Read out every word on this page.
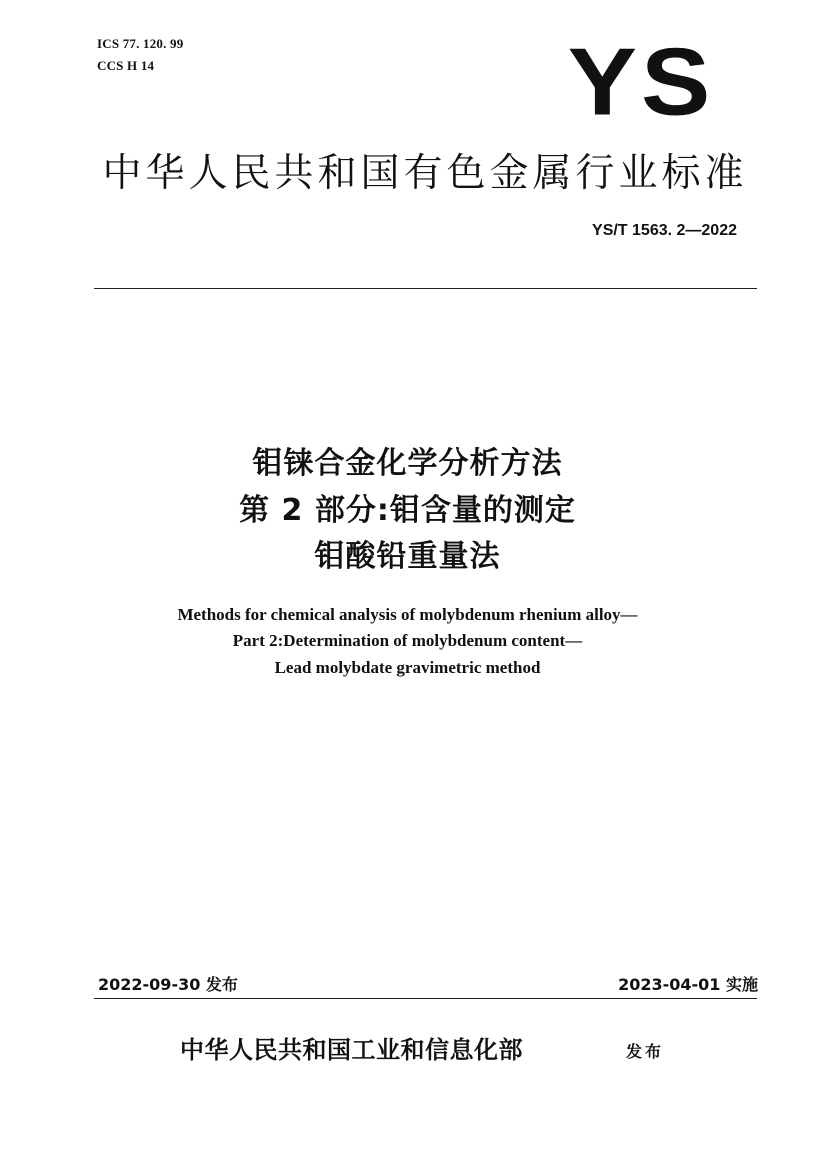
ICS 77. 120. 99
CCS H 14	YS
中华人民共和国有色金属行业标准
YS/T 1563. 2—2022
钼铼合金化学分析方法
第 2 部分:钼含量的测定
钼酸铅重量法
Methods for chemical analysis of molybdenum rhenium alloy—
Part 2:Determination of molybdenum content—
Lead molybdate gravimetric method
2022-09-30 发布	2023-04-01 实施
中华人民共和国工业和信息化部	发布
